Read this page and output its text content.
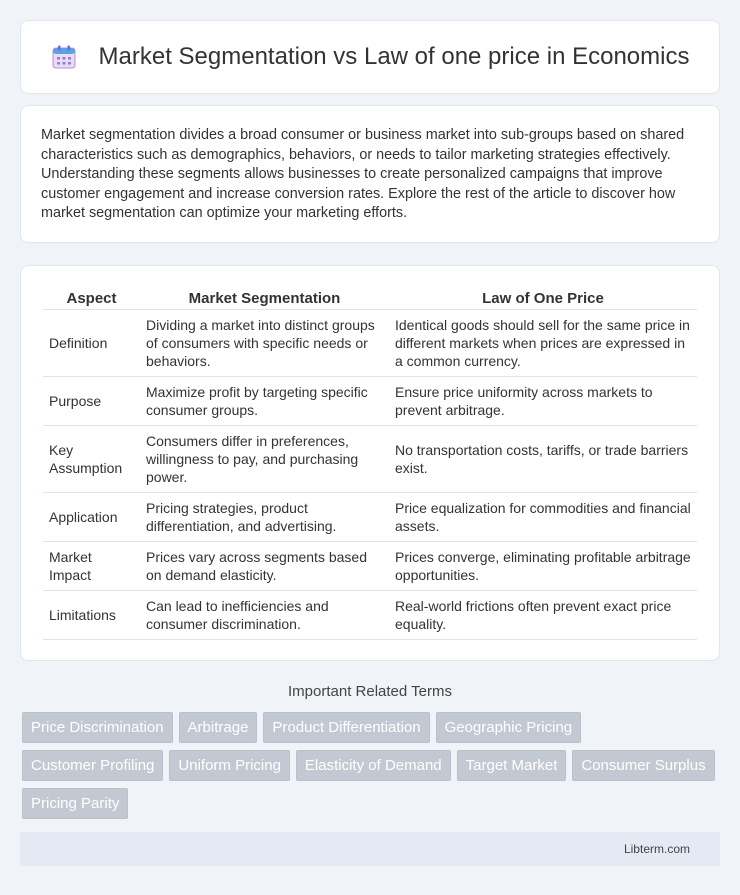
Market Segmentation vs Law of one price in Economics

Market segmentation divides a broad consumer or business market into sub-groups based on shared characteristics such as demographics, behaviors, or needs to tailor marketing strategies effectively. Understanding these segments allows businesses to create personalized campaigns that improve customer engagement and increase conversion rates. Explore the rest of the article to discover how market segmentation can optimize your marketing efforts.

Aspect	Market Segmentation	Law of One Price
Definition	Dividing a market into distinct groups of consumers with specific needs or behaviors.	Identical goods should sell for the same price in different markets when prices are expressed in a common currency.
Purpose	Maximize profit by targeting specific consumer groups.	Ensure price uniformity across markets to prevent arbitrage.
Key Assumption	Consumers differ in preferences, willingness to pay, and purchasing power.	No transportation costs, tariffs, or trade barriers exist.
Application	Pricing strategies, product differentiation, and advertising.	Price equalization for commodities and financial assets.
Market Impact	Prices vary across segments based on demand elasticity.	Prices converge, eliminating profitable arbitrage opportunities.
Limitations	Can lead to inefficiencies and consumer discrimination.	Real-world frictions often prevent exact price equality.
Important Related Terms
Price Discrimination	Arbitrage	Product Differentiation	Geographic Pricing
Customer Profiling	Uniform Pricing	Elasticity of Demand	Target Market	Consumer Surplus
Pricing Parity
Libterm.com
